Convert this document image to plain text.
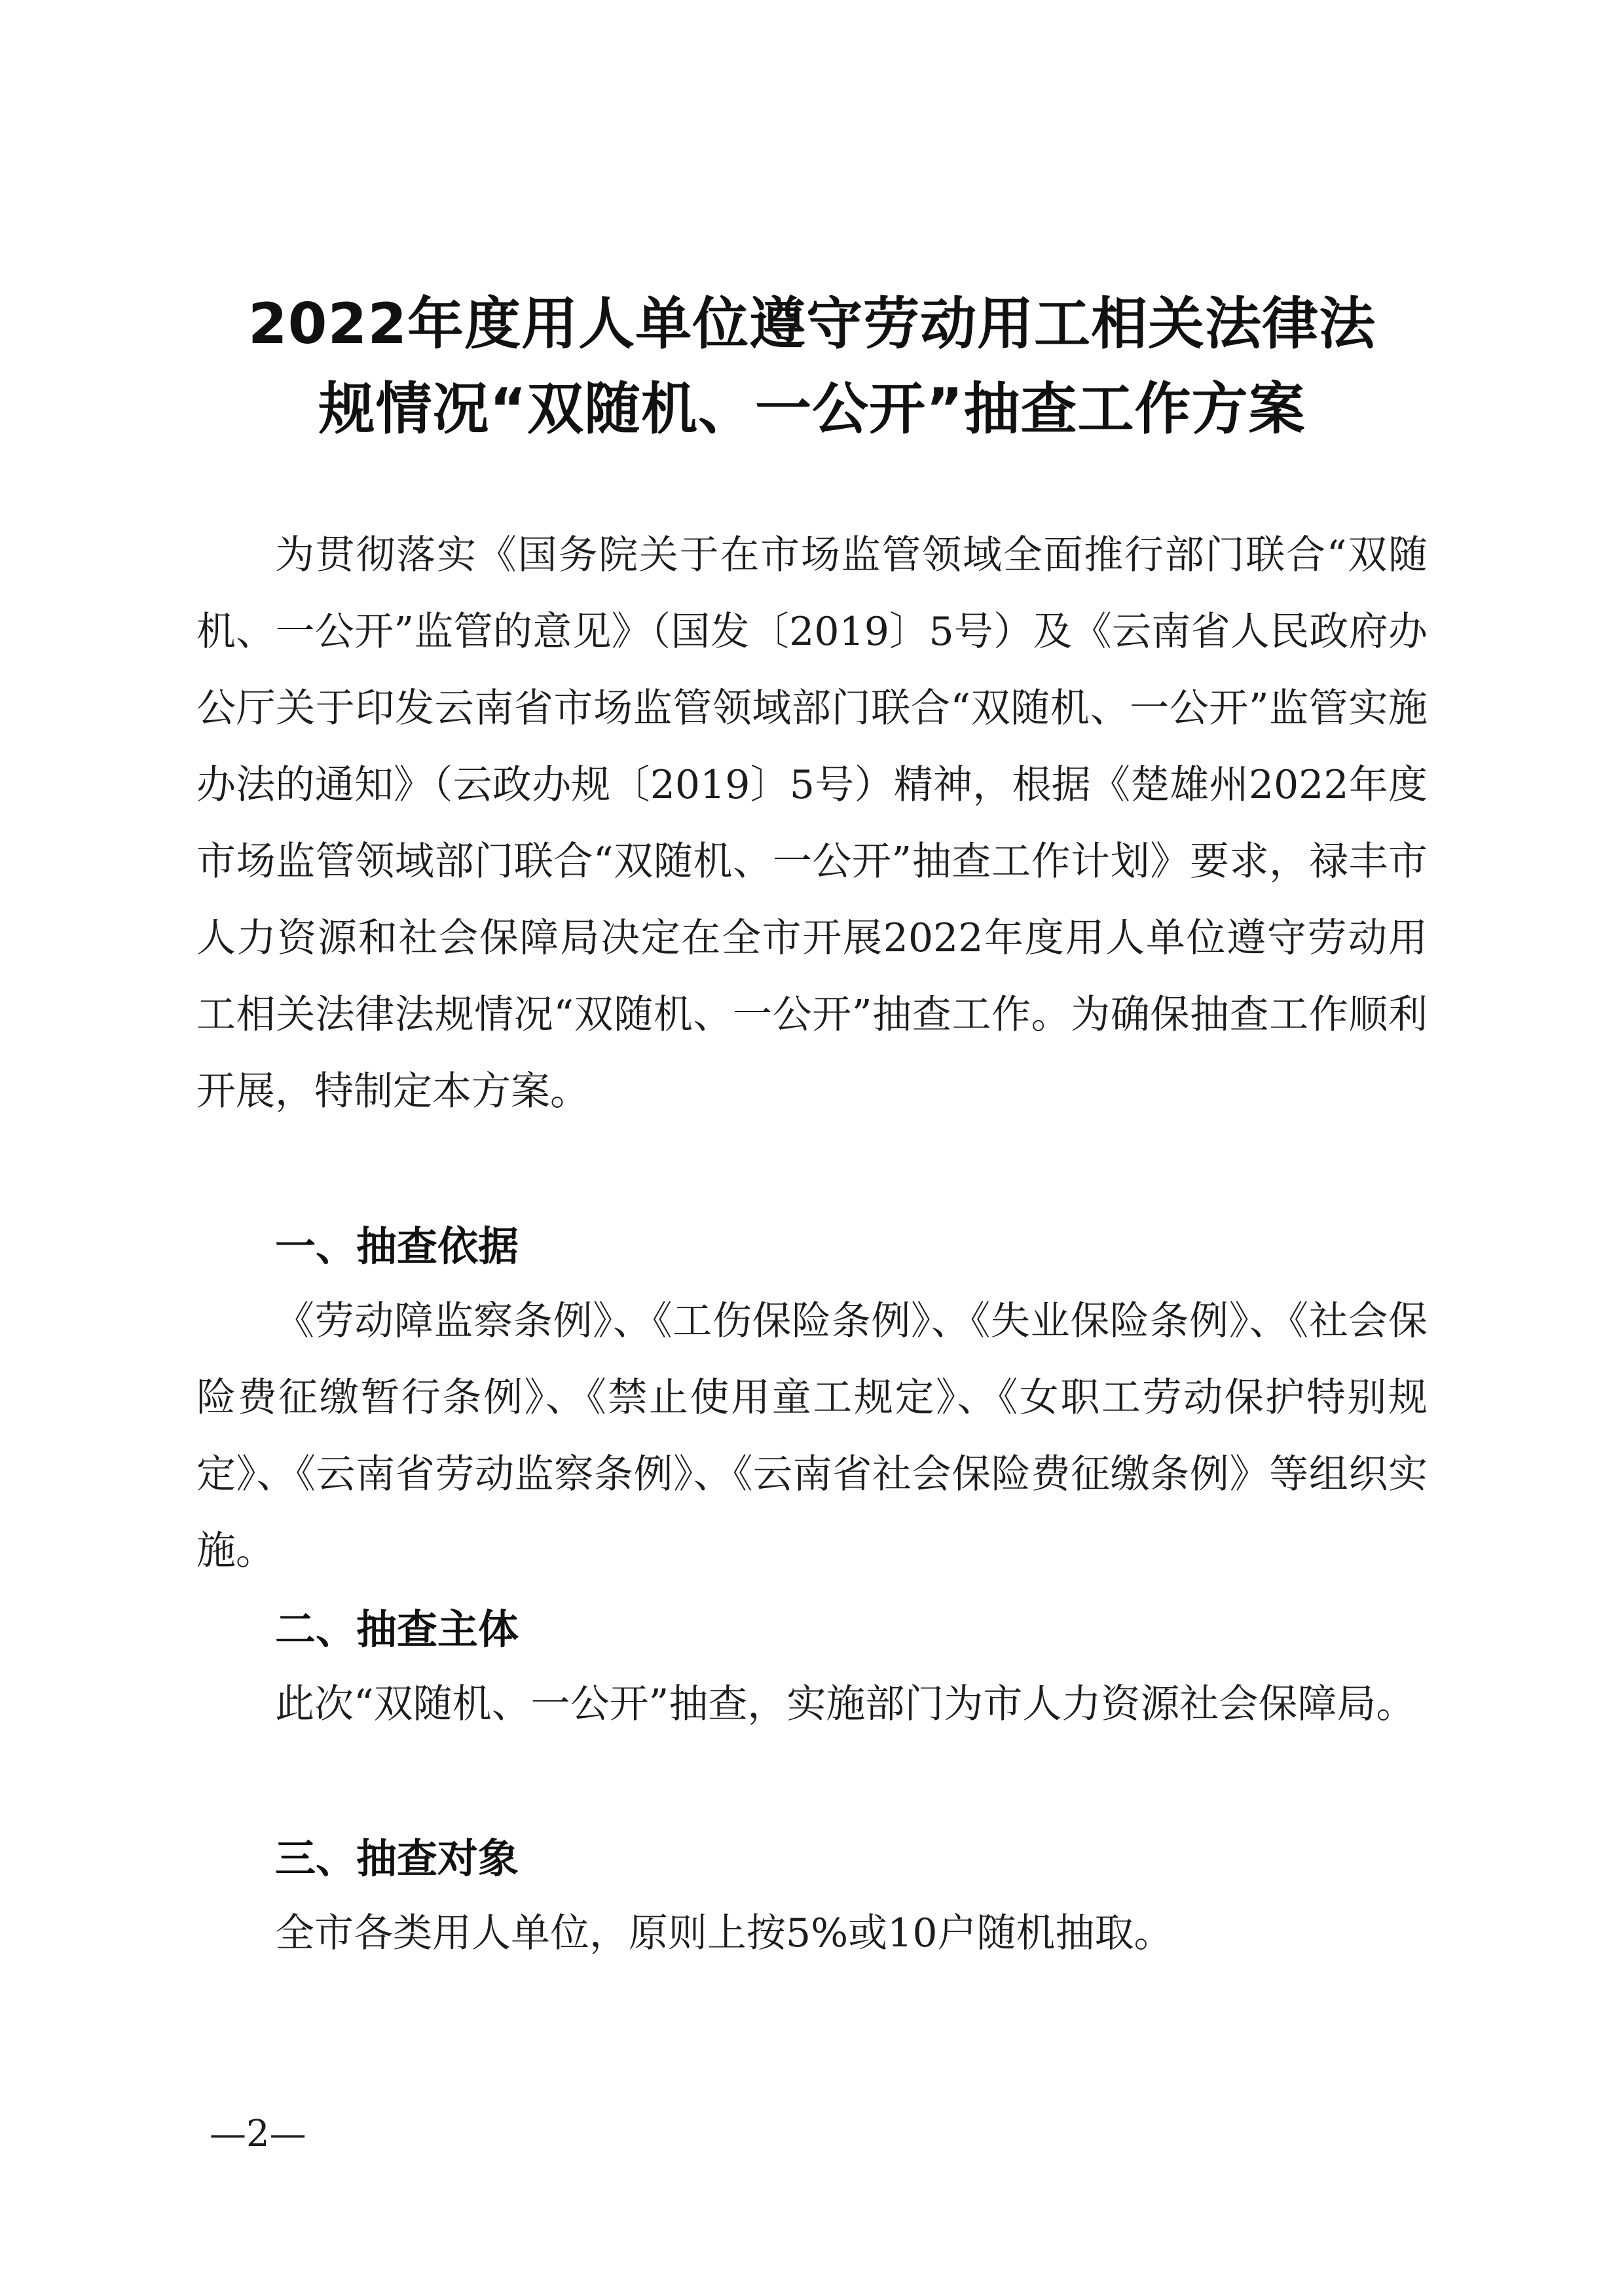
2022年度用人单位遵守劳动用工相关法律法
规情况“双随机、一公开”抽查工作方案

为贯彻落实《国务院关于在市场监管领域全面推行部门联合“双随机、一公开”监管的意见》（国发〔2019〕5号）及《云南省人民政府办公厅关于印发云南省市场监管领域部门联合“双随机、一公开”监管实施办法的通知》（云政办规〔2019〕5号）精神，根据《楚雄州2022年度市场监管领域部门联合“双随机、一公开”抽查工作计划》要求，禄丰市人力资源和社会保障局决定在全市开展2022年度用人单位遵守劳动用工相关法律法规情况“双随机、一公开”抽查工作。为确保抽查工作顺利开展，特制定本方案。

一、抽查依据

《劳动障监察条例》、《工伤保险条例》、《失业保险条例》、《社会保险费征缴暂行条例》、《禁止使用童工规定》、《女职工劳动保护特别规定》、《云南省劳动监察条例》、《云南省社会保险费征缴条例》等组织实施。

二、抽查主体

此次“双随机、一公开”抽查，实施部门为市人力资源社会保障局。

三、抽查对象

全市各类用人单位，原则上按5%或10户随机抽取。

—2—
